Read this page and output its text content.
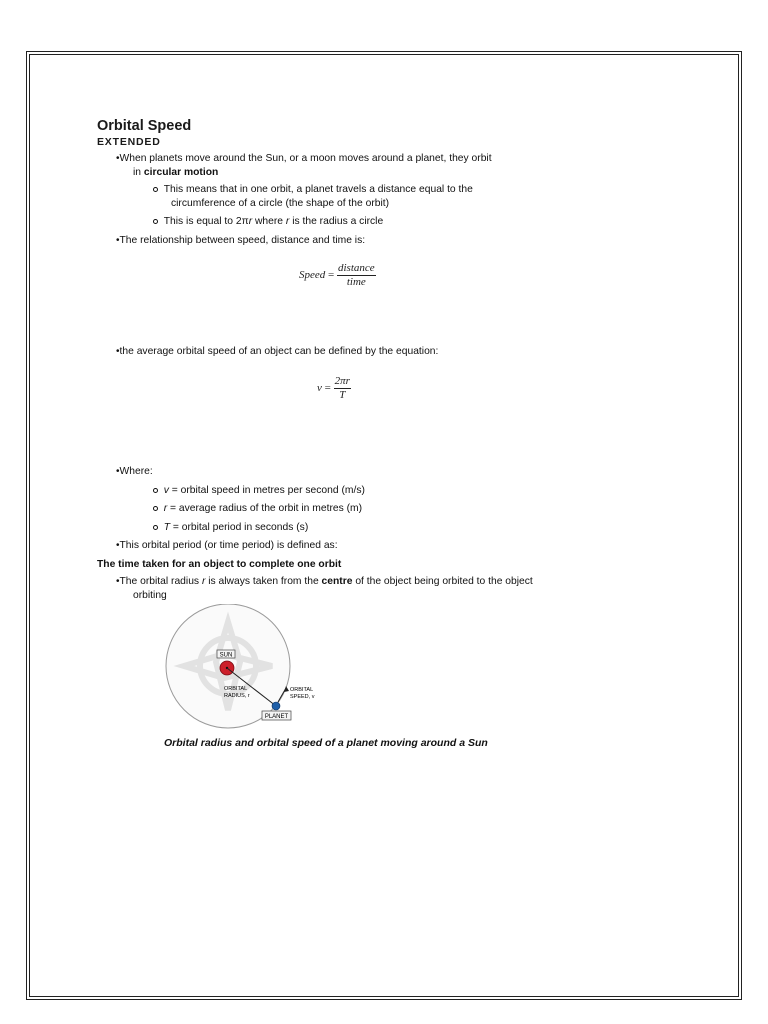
Orbital Speed
EXTENDED
•When planets move around the Sun, or a moon moves around a planet, they orbit
in circular motion
This means that in one orbit, a planet travels a distance equal to the
circumference of a circle (the shape of the orbit)
This is equal to 2πr where r is the radius a circle
•The relationship between speed, distance and time is:
Speed = $\frac{\text{distance}}{\text{time}}$
•the average orbital speed of an object can be defined by the equation:
$v = \frac{2\pi r}{T}$
•Where:
v = orbital speed in metres per second (m/s)
r = average radius of the orbit in metres (m)
T = orbital period in seconds (s)
•This orbital period (or time period) is defined as:
The time taken for an object to complete one orbit
•The orbital radius r is always taken from the centre of the object being orbited to the object
orbiting
SUN
ORBITAL
RADIUS, r
ORBITAL
SPEED, v
PLANET
Orbital radius and orbital speed of a planet moving around a Sun
